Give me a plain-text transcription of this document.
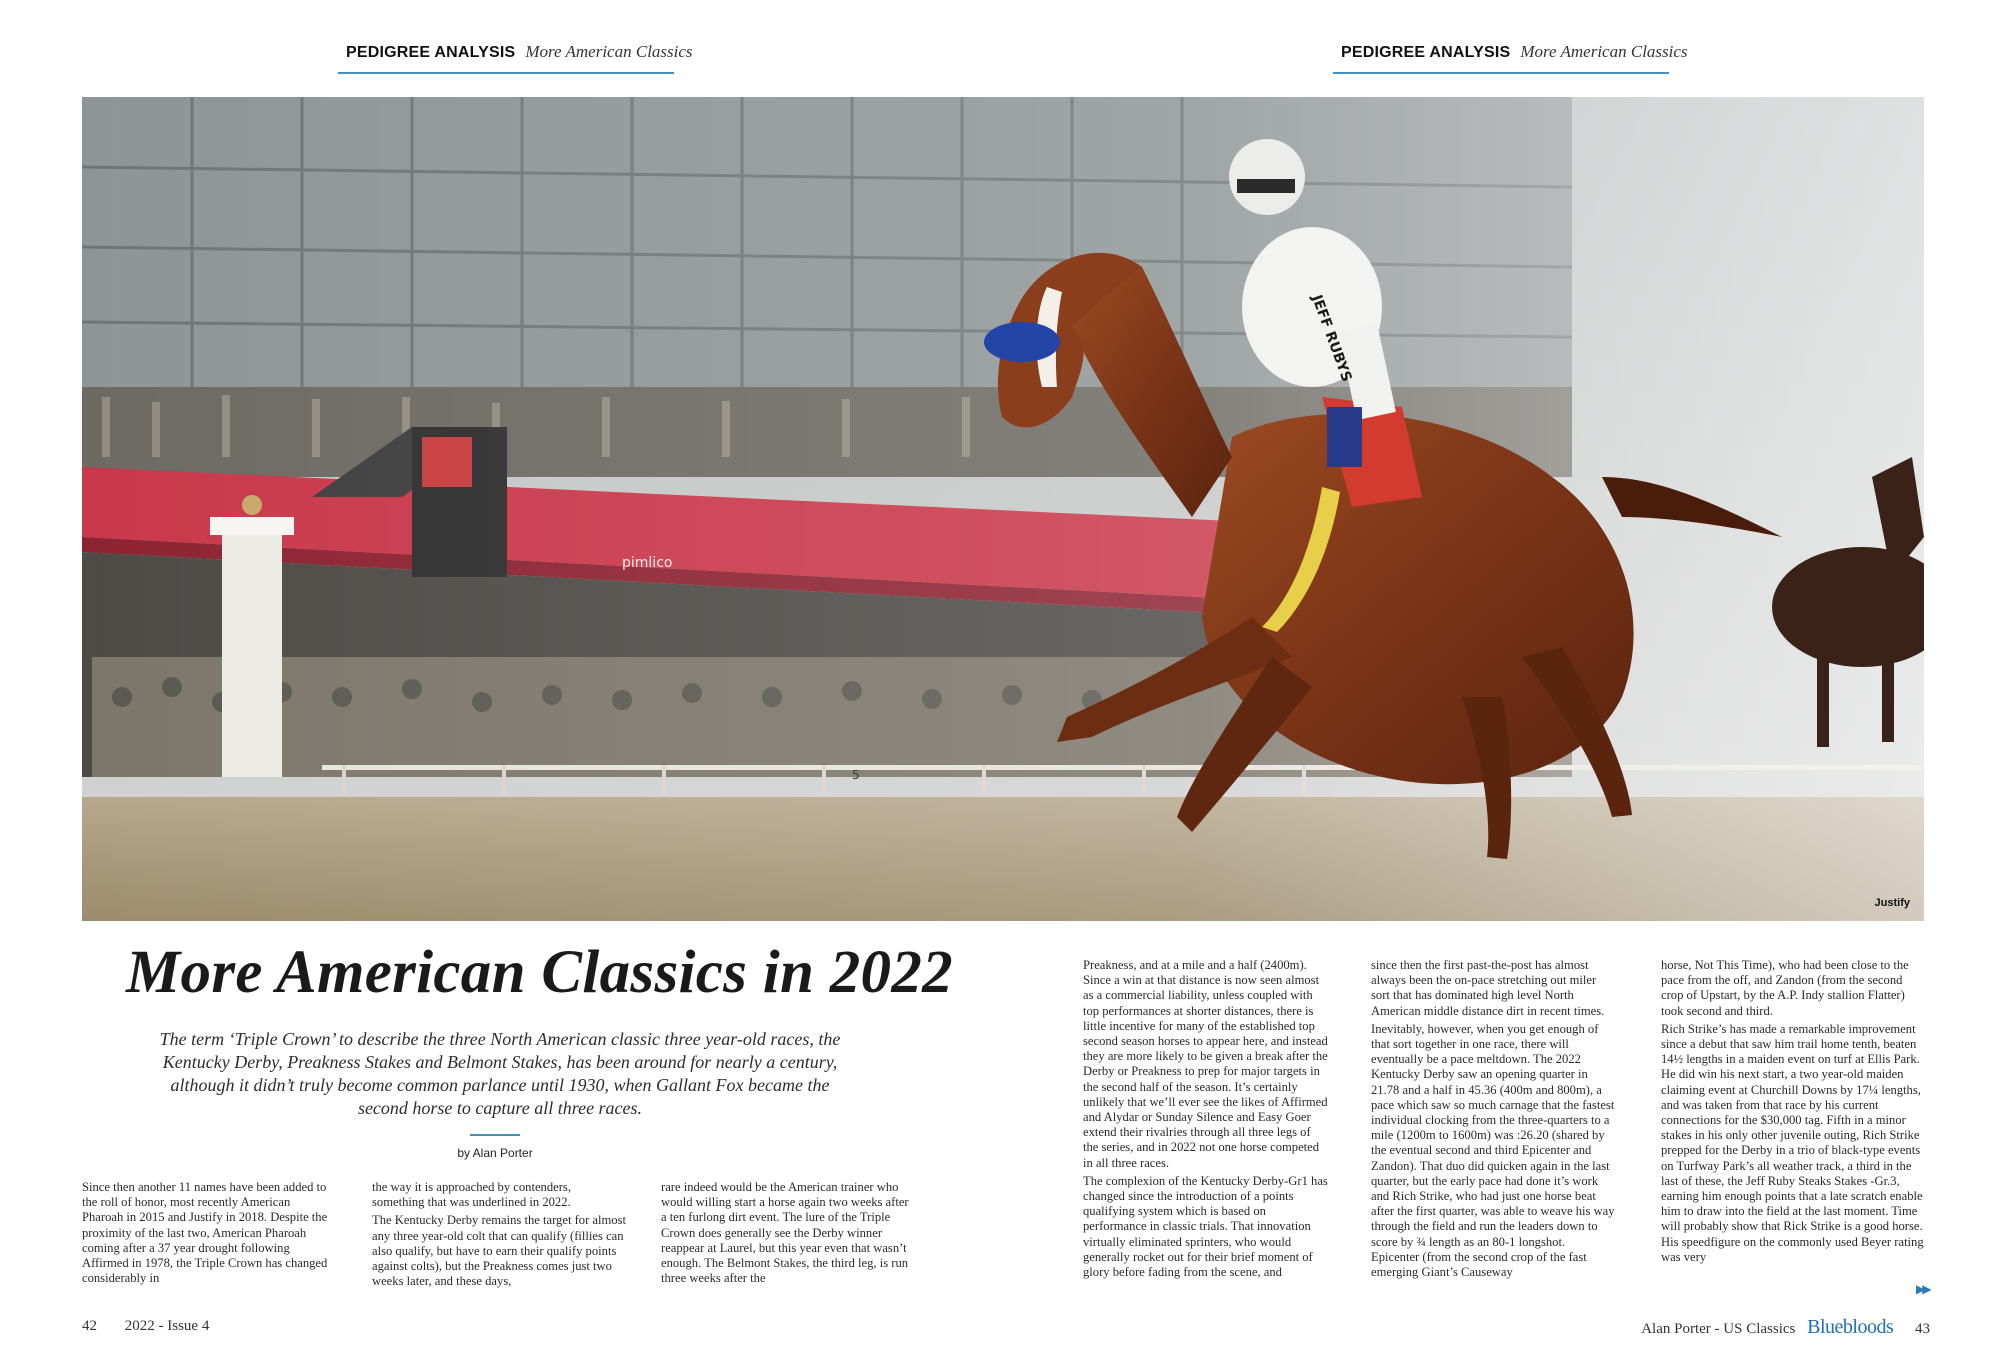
PEDIGREE ANALYSIS More American Classics	PEDIGREE ANALYSIS More American Classics
JEFF RUBYS
Justify
More American Classics in 2022

The term ‘Triple Crown’ to describe the three North American classic three year-old races, the Kentucky Derby, Preakness Stakes and Belmont Stakes, has been around for nearly a century, although it didn’t truly become common parlance until 1930, when Gallant Fox became the second horse to capture all three races.

by Alan Porter

Since then another 11 names have been added to the roll of honor, most recently American Pharoah in 2015 and Justify in 2018. Despite the proximity of the last two, American Pharoah coming after a 37 year drought following Affirmed in 1978, the Triple Crown has changed considerably in

the way it is approached by contenders, something that was underlined in 2022.

The Kentucky Derby remains the target for almost any three year-old colt that can qualify (fillies can also qualify, but have to earn their qualify points against colts), but the Preakness comes just two weeks later, and these days,

rare indeed would be the American trainer who would willing start a horse again two weeks after a ten furlong dirt event. The lure of the Triple Crown does generally see the Derby winner reappear at Laurel, but this year even that wasn’t enough. The Belmont Stakes, the third leg, is run three weeks after the

Preakness, and at a mile and a half (2400m). Since a win at that distance is now seen almost as a commercial liability, unless coupled with top performances at shorter distances, there is little incentive for many of the established top second season horses to appear here, and instead they are more likely to be given a break after the Derby or Preakness to prep for major targets in the second half of the season. It’s certainly unlikely that we’ll ever see the likes of Affirmed and Alydar or Sunday Silence and Easy Goer extend their rivalries through all three legs of the series, and in 2022 not one horse competed in all three races.

The complexion of the Kentucky Derby-Gr1 has changed since the introduction of a points qualifying system which is based on performance in classic trials. That innovation virtually eliminated sprinters, who would generally rocket out for their brief moment of glory before fading from the scene, and

since then the first past-the-post has almost always been the on-pace stretching out miler sort that has dominated high level North American middle distance dirt in recent times.

Inevitably, however, when you get enough of that sort together in one race, there will eventually be a pace meltdown. The 2022 Kentucky Derby saw an opening quarter in 21.78 and a half in 45.36 (400m and 800m), a pace which saw so much carnage that the fastest individual clocking from the three-quarters to a mile (1200m to 1600m) was :26.20 (shared by the eventual second and third Epicenter and Zandon). That duo did quicken again in the last quarter, but the early pace had done it’s work and Rich Strike, who had just one horse beat after the first quarter, was able to weave his way through the field and run the leaders down to score by ¾ length as an 80-1 longshot. Epicenter (from the second crop of the fast emerging Giant’s Causeway

horse, Not This Time), who had been close to the pace from the off, and Zandon (from the second crop of Upstart, by the A.P. Indy stallion Flatter) took second and third.

Rich Strike’s has made a remarkable improvement since a debut that saw him trail home tenth, beaten 14½ lengths in a maiden event on turf at Ellis Park. He did win his next start, a two year-old maiden claiming event at Churchill Downs by 17¼ lengths, and was taken from that race by his current connections for the $30,000 tag. Fifth in a minor stakes in his only other juvenile outing, Rich Strike prepped for the Derby in a trio of black-type events on Turfway Park’s all weather track, a third in the last of these, the Jeff Ruby Steaks Stakes -Gr.3, earning him enough points that a late scratch enable him to draw into the field at the last moment. Time will probably show that Rick Strike is a good horse. His speedfigure on the commonly used Beyer rating was very

▶▶
42 2022 - Issue 4	Alan Porter - US Classics Bluebloods 43
